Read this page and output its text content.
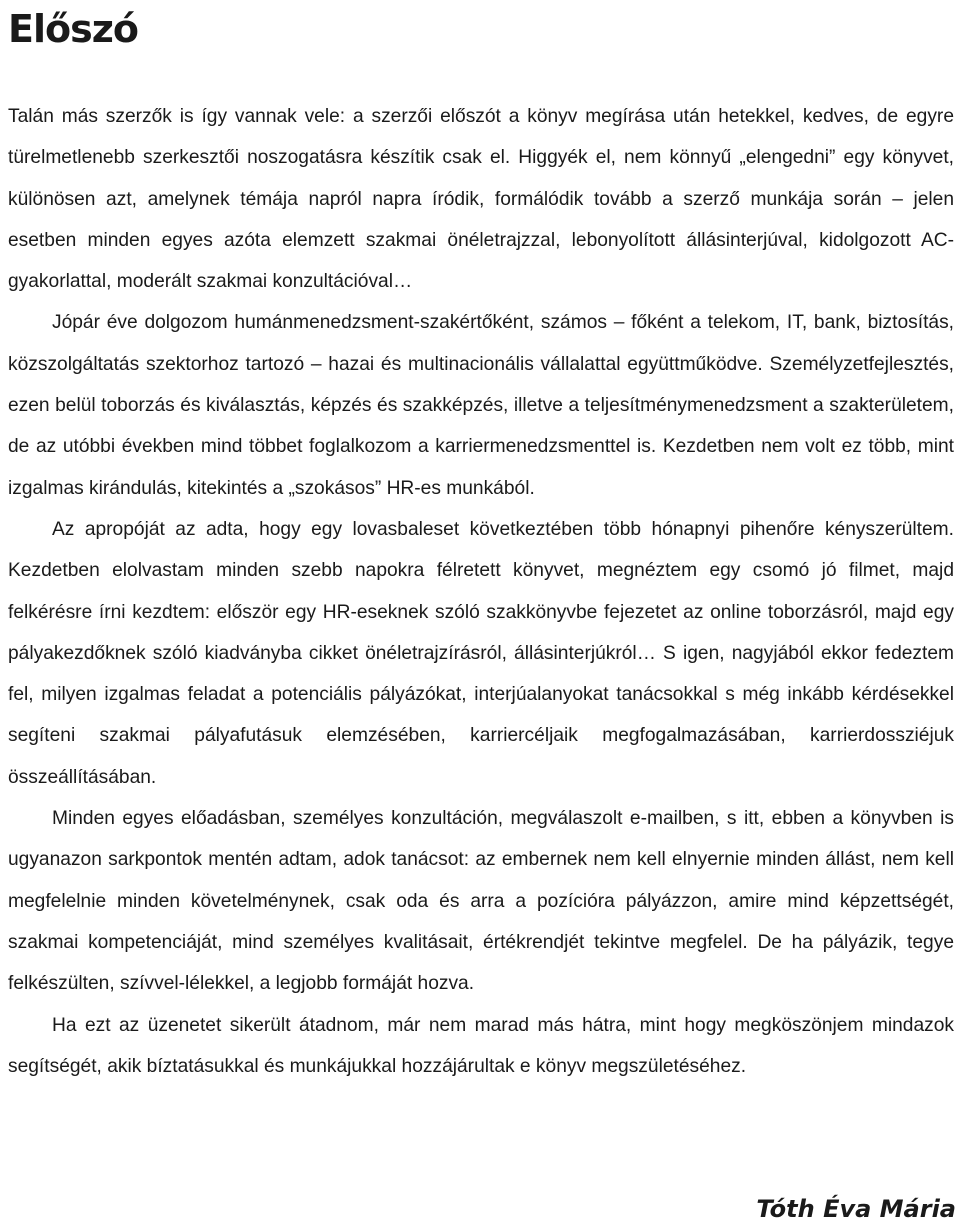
Előszó

Talán más szerzők is így vannak vele: a szerzői előszót a könyv megírása után hetekkel, kedves, de egyre türelmetlenebb szerkesztői noszogatásra készítik csak el. Higgyék el, nem könnyű „elengedni” egy könyvet, különösen azt, amelynek témája napról napra íródik, formálódik tovább a szerző munkája során – jelen esetben minden egyes azóta elemzett szakmai önéletrajzzal, lebonyolított állásinterjúval, kidolgozott AC-gyakorlattal, moderált szakmai konzultációval…

Jópár éve dolgozom humánmenedzsment-szakértőként, számos – főként a telekom, IT, bank, biztosítás, közszolgáltatás szektorhoz tartozó – hazai és multinacionális vállalattal együttműködve. Személyzetfejlesztés, ezen belül toborzás és kiválasztás, képzés és szakképzés, illetve a teljesítménymenedzsment a szakterületem, de az utóbbi években mind többet foglalkozom a karriermenedzsmenttel is. Kezdetben nem volt ez több, mint izgalmas kirándulás, kitekintés a „szokásos” HR-es munkából.

Az apropóját az adta, hogy egy lovasbaleset következtében több hónapnyi pihenőre kényszerültem. Kezdetben elolvastam minden szebb napokra félretett könyvet, megnéztem egy csomó jó filmet, majd felkérésre írni kezdtem: először egy HR-eseknek szóló szakkönyvbe fejezetet az online toborzásról, majd egy pályakezdőknek szóló kiadványba cikket önéletrajzírásról, állásinterjúkról… S igen, nagyjából ekkor fedeztem fel, milyen izgalmas feladat a potenciális pályázókat, interjúalanyokat tanácsokkal s még inkább kérdésekkel segíteni szakmai pályafutásuk elemzésében, karriercéljaik megfogalmazásában, karrierdossziéjuk összeállításában.

Minden egyes előadásban, személyes konzultáción, megválaszolt e-mailben, s itt, ebben a könyvben is ugyanazon sarkpontok mentén adtam, adok tanácsot: az embernek nem kell elnyernie minden állást, nem kell megfelelnie minden követelménynek, csak oda és arra a pozícióra pályázzon, amire mind képzettségét, szakmai kompetenciáját, mind személyes kvalitásait, értékrendjét tekintve megfelel. De ha pályázik, tegye felkészülten, szívvel-lélekkel, a legjobb formáját hozva.

Ha ezt az üzenetet sikerült átadnom, már nem marad más hátra, mint hogy megköszönjem mindazok segítségét, akik bíztatásukkal és munkájukkal hozzájárultak e könyv megszületéséhez.

Tóth Éva Mária
